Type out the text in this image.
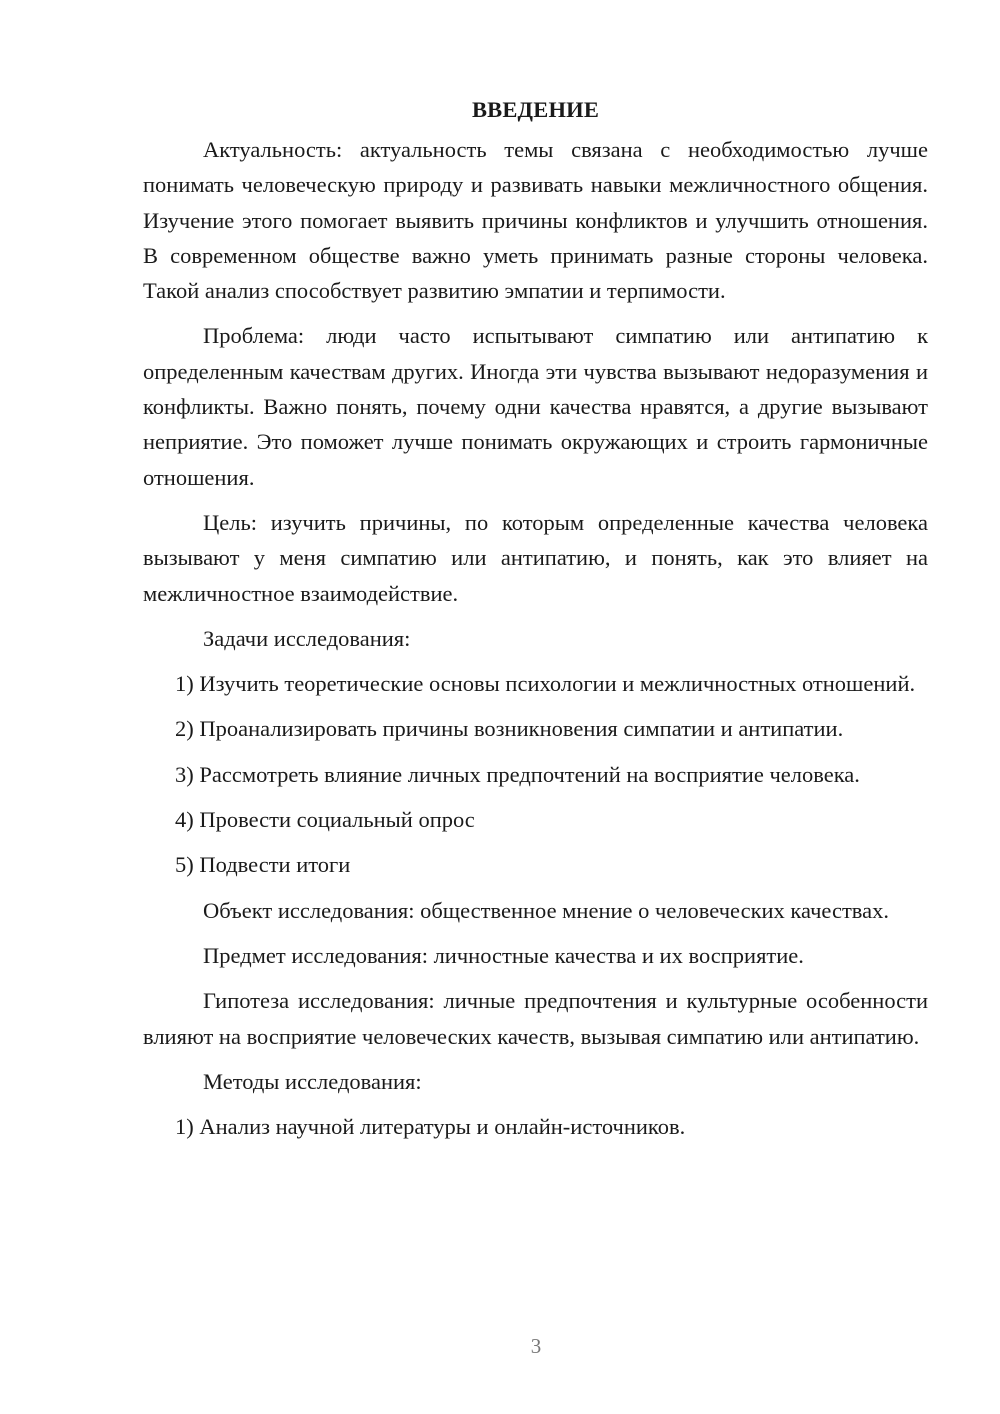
ВВЕДЕНИЕ

Актуальность: актуальность темы связана с необходимостью лучше понимать человеческую природу и развивать навыки межличностного общения. Изучение этого помогает выявить причины конфликтов и улучшить отношения. В современном обществе важно уметь принимать разные стороны человека. Такой анализ способствует развитию эмпатии и терпимости.

Проблема: люди часто испытывают симпатию или антипатию к определенным качествам других. Иногда эти чувства вызывают недоразумения и конфликты. Важно понять, почему одни качества нравятся, а другие вызывают неприятие. Это поможет лучше понимать окружающих и строить гармоничные отношения.

Цель: изучить причины, по которым определенные качества человека вызывают у меня симпатию или антипатию, и понять, как это влияет на межличностное взаимодействие.

Задачи исследования:

1) Изучить теоретические основы психологии и межличностных отношений.

2) Проанализировать причины возникновения симпатии и антипатии.

3) Рассмотреть влияние личных предпочтений на восприятие человека.

4) Провести социальный опрос

5) Подвести итоги

Объект исследования: общественное мнение о человеческих качествах.

Предмет исследования: личностные качества и их восприятие.

Гипотеза исследования: личные предпочтения и культурные особенности влияют на восприятие человеческих качеств, вызывая симпатию или антипатию.

Методы исследования:

1) Анализ научной литературы и онлайн-источников.

3
